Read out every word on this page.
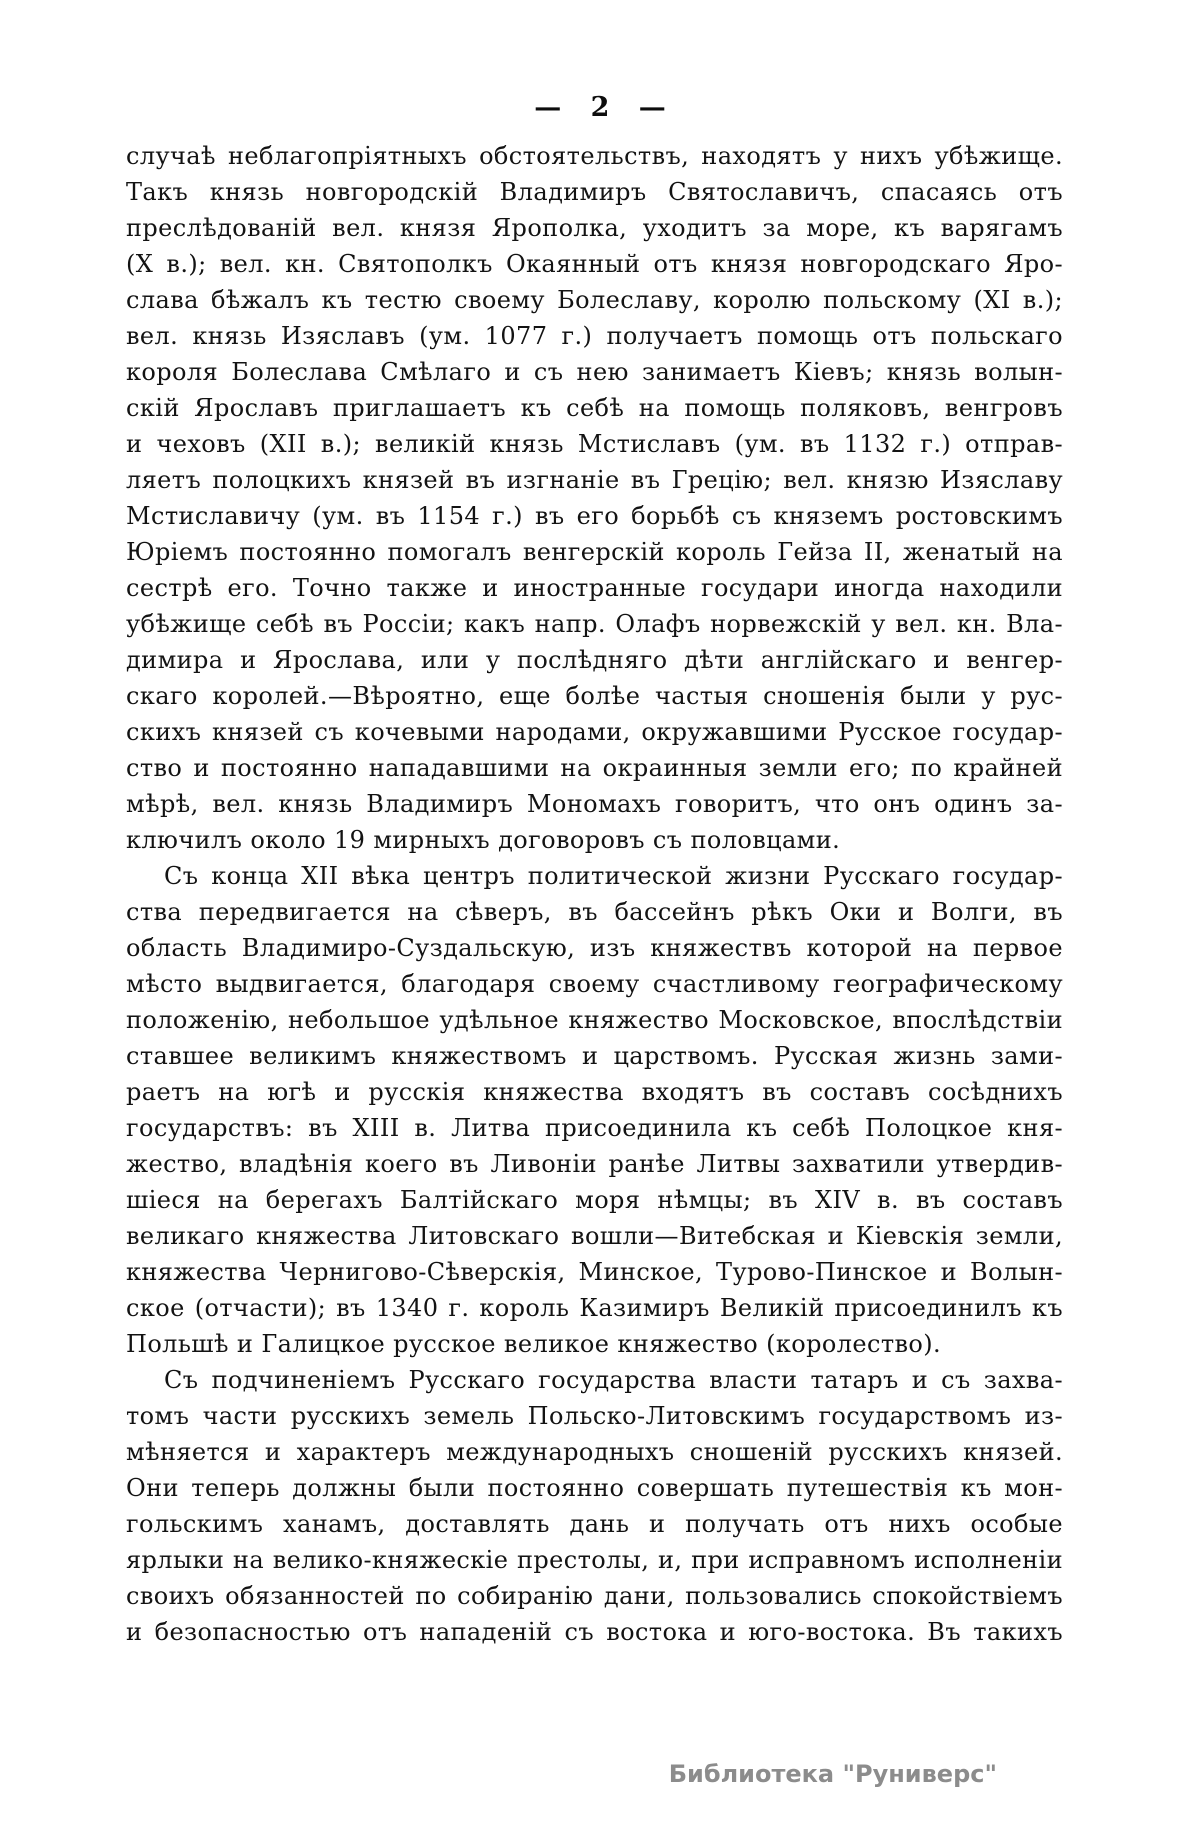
— 2 —
случаѣ неблагопріятныхъ обстоятельствъ, находятъ у нихъ убѣжище.
Такъ князь новгородскій Владимиръ Святославичъ, спасаясь отъ
преслѣдованій вел. князя Ярополка, уходитъ за море, къ варягамъ
(X в.); вел. кн. Святополкъ Окаянный отъ князя новгородскаго Яро-
слава бѣжалъ къ тестю своему Болеславу, королю польскому (XI в.);
вел. князь Изяславъ (ум. 1077 г.) получаетъ помощь отъ польскаго
короля Болеслава Смѣлаго и съ нею занимаетъ Кіевъ; князь волын-
скій Ярославъ приглашаетъ къ себѣ на помощь поляковъ, венгровъ
и чеховъ (XII в.); великій князь Мстиславъ (ум. въ 1132 г.) отправ-
ляетъ полоцкихъ князей въ изгнаніе въ Грецію; вел. князю Изяславу
Мстиславичу (ум. въ 1154 г.) въ его борьбѣ съ княземъ ростовскимъ
Юріемъ постоянно помогалъ венгерскій король Гейза II, женатый на
сестрѣ его. Точно также и иностранные государи иногда находили
убѣжище себѣ въ Россіи; какъ напр. Олафъ норвежскій у вел. кн. Вла-
димира и Ярослава, или у послѣдняго дѣти англійскаго и венгер-
скаго королей.—Вѣроятно, еще болѣе частыя сношенія были у рус-
скихъ князей съ кочевыми народами, окружавшими Русское государ-
ство и постоянно нападавшими на окраинныя земли его; по крайней
мѣрѣ, вел. князь Владимиръ Мономахъ говоритъ, что онъ одинъ за-
ключилъ около 19 мирныхъ договоровъ съ половцами.
Съ конца XII вѣка центръ политической жизни Русскаго государ-
ства передвигается на сѣверъ, въ бассейнъ рѣкъ Оки и Волги, въ
область Владимиро-Суздальскую, изъ княжествъ которой на первое
мѣсто выдвигается, благодаря своему счастливому географическому
положенію, небольшое удѣльное княжество Московское, впослѣдствіи
ставшее великимъ княжествомъ и царствомъ. Русская жизнь зами-
раетъ на югѣ и русскія княжества входятъ въ составъ сосѣднихъ
государствъ: въ XIII в. Литва присоединила къ себѣ Полоцкое кня-
жество, владѣнія коего въ Ливоніи ранѣе Литвы захватили утвердив-
шіеся на берегахъ Балтійскаго моря нѣмцы; въ XIV в. въ составъ
великаго княжества Литовскаго вошли—Витебская и Кіевскія земли,
княжества Чернигово-Сѣверскія, Минское, Турово-Пинское и Волын-
ское (отчасти); въ 1340 г. король Казимиръ Великій присоединилъ къ
Польшѣ и Галицкое русское великое княжество (королество).
Съ подчиненіемъ Русскаго государства власти татаръ и съ захва-
томъ части русскихъ земель Польско-Литовскимъ государствомъ из-
мѣняется и характеръ международныхъ сношеній русскихъ князей.
Они теперь должны были постоянно совершать путешествія къ мон-
гольскимъ ханамъ, доставлять дань и получать отъ нихъ особые
ярлыки на велико-княжескіе престолы, и, при исправномъ исполненіи
своихъ обязанностей по собиранію дани, пользовались спокойствіемъ
и безопасностью отъ нападеній съ востока и юго-востока. Въ такихъ
Библиотека "Руниверс"
